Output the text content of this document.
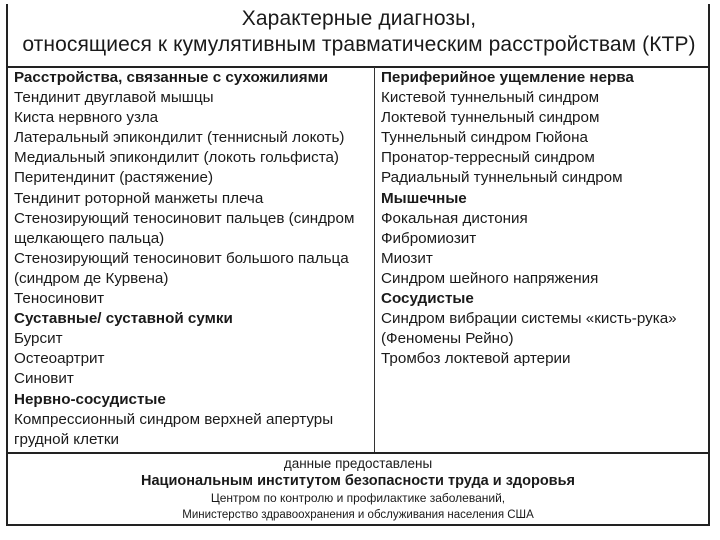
Характерные диагнозы,
относящиеся к кумулятивным травматическим расстройствам (КТР)
Расстройства, связанные с сухожилиями
Тендинит двуглавой мышцы
Киста нервного узла
Латеральный эпикондилит (теннисный локоть)
Медиальный эпикондилит (локоть гольфиста)
Перитендинит (растяжение)
Тендинит роторной манжеты плеча
Стенозирующий теносиновит пальцев (синдром
щелкающего пальца)
Стенозирующий теносиновит большого пальца
(синдром де Курвена)
Теносиновит
Суставные/ суставной сумки
Бурсит
Остеоартрит
Синовит
Нервно-сосудистые
Компрессионный синдром верхней апертуры
грудной клетки
Периферийное ущемление нерва
Кистевой туннельный синдром
Локтевой туннельный синдром
Туннельный синдром Гюйона
Пронатор-терресный синдром
Радиальный туннельный синдром
Мышечные
Фокальная дистония
Фибромиозит
Миозит
Синдром шейного напряжения
Сосудистые
Синдром вибрации системы «кисть-рука»
(Феномены Рейно)
Тромбоз локтевой артерии
данные предоставлены
Национальным институтом безопасности труда и здоровья
Центром по контролю и профилактике заболеваний,
Министерство здравоохранения и обслуживания населения США
